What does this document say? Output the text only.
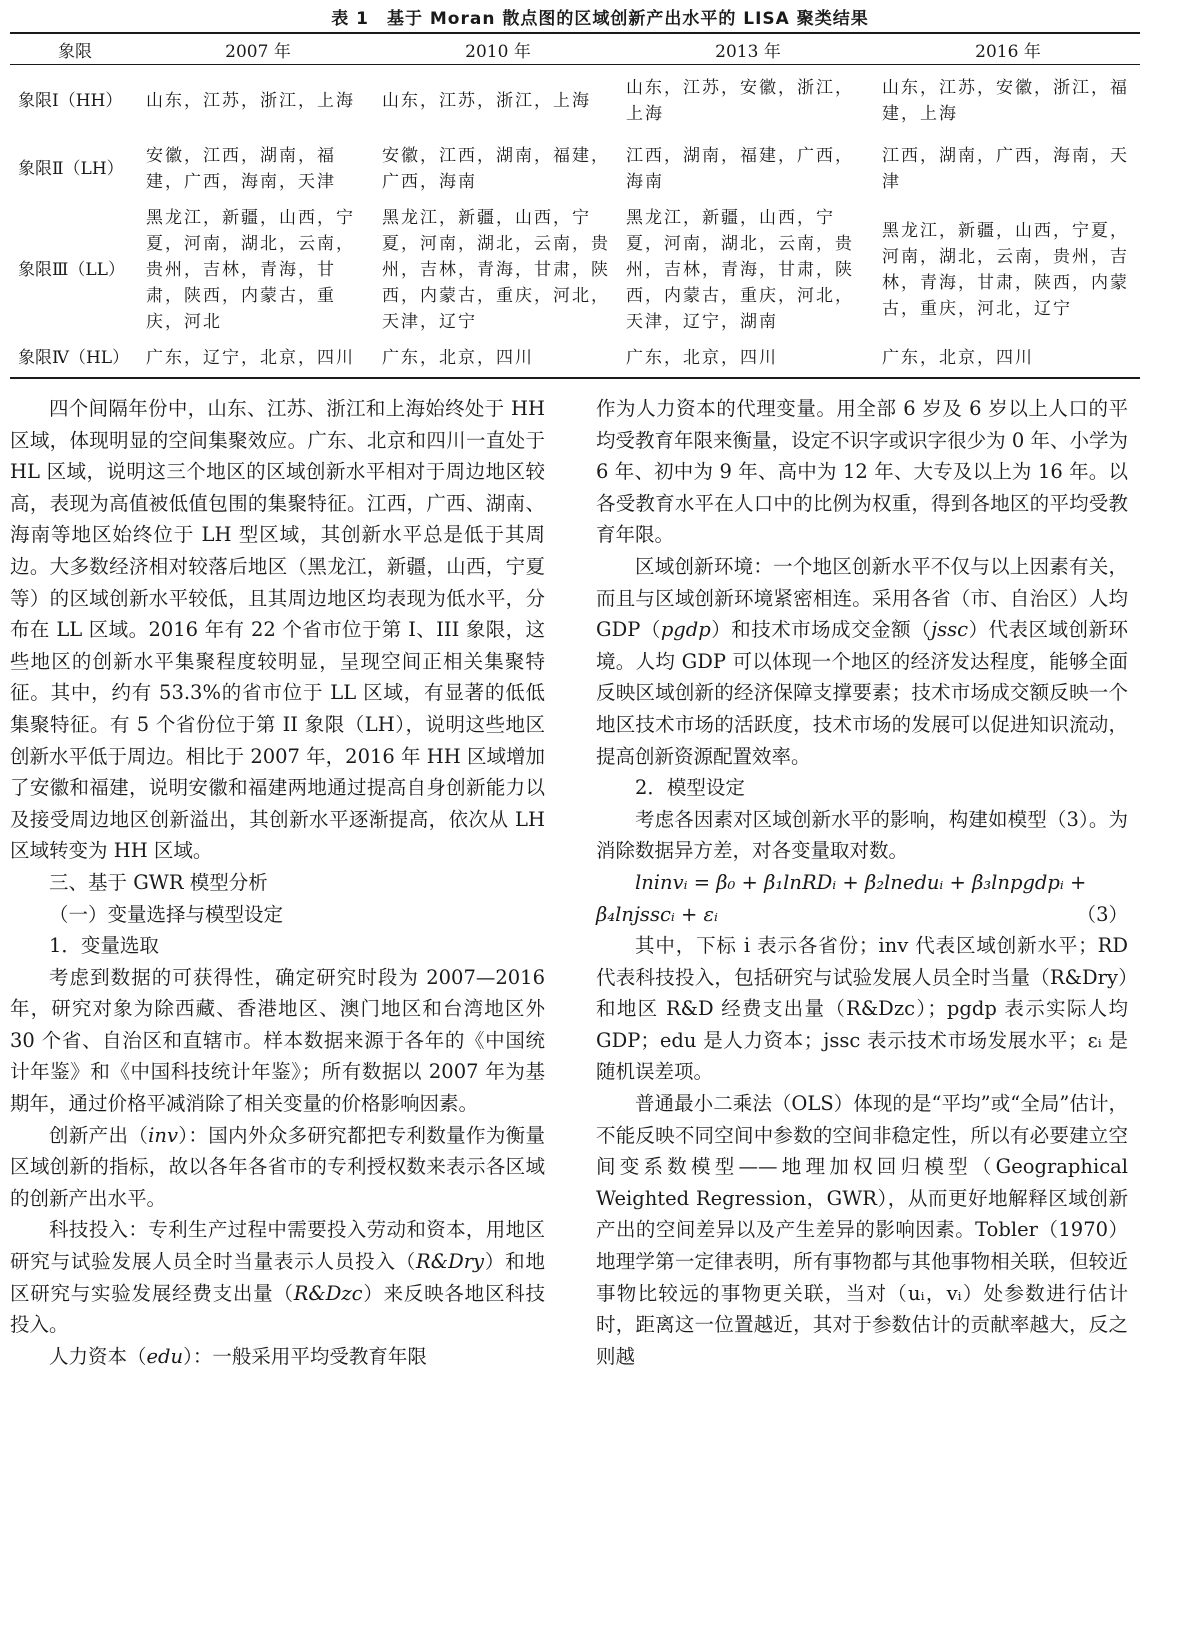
表 1　基于 Moran 散点图的区域创新产出水平的 LISA 聚类结果
象限	2007 年	2010 年	2013 年	2016 年
象限Ⅰ（HH）	山东，江苏，浙江，上海	山东，江苏，浙江，上海	山东，江苏，安徽，浙江，上海	山东，江苏，安徽，浙江，福建，上海
象限Ⅱ（LH）	安徽，江西，湖南，福建，广西，海南，天津	安徽，江西，湖南，福建，广西，海南	江西，湖南，福建，广西，海南	江西，湖南，广西，海南，天津
象限Ⅲ（LL）	黑龙江，新疆，山西，宁夏，河南，湖北，云南，贵州，吉林，青海，甘肃，陕西，内蒙古，重庆，河北	黑龙江，新疆，山西，宁夏，河南，湖北，云南，贵州，吉林，青海，甘肃，陕西，内蒙古，重庆，河北，天津，辽宁	黑龙江，新疆，山西，宁夏，河南，湖北，云南，贵州，吉林，青海，甘肃，陕西，内蒙古，重庆，河北，天津，辽宁，湖南	黑龙江，新疆，山西，宁夏，河南，湖北，云南，贵州，吉林，青海，甘肃，陕西，内蒙古，重庆，河北，辽宁
象限Ⅳ（HL）	广东，辽宁，北京，四川	广东，北京，四川	广东，北京，四川	广东，北京，四川

四个间隔年份中，山东、江苏、浙江和上海始终处于 HH 区域，体现明显的空间集聚效应。广东、北京和四川一直处于 HL 区域，说明这三个地区的区域创新水平相对于周边地区较高，表现为高值被低值包围的集聚特征。江西，广西、湖南、海南等地区始终位于 LH 型区域，其创新水平总是低于其周边。大多数经济相对较落后地区（黑龙江，新疆，山西，宁夏等）的区域创新水平较低，且其周边地区均表现为低水平，分布在 LL 区域。2016 年有 22 个省市位于第 I、III 象限，这些地区的创新水平集聚程度较明显，呈现空间正相关集聚特征。其中，约有 53.3%的省市位于 LL 区域，有显著的低低集聚特征。有 5 个省份位于第 II 象限（LH），说明这些地区创新水平低于周边。相比于 2007 年，2016 年 HH 区域增加了安徽和福建，说明安徽和福建两地通过提高自身创新能力以及接受周边地区创新溢出，其创新水平逐渐提高，依次从 LH 区域转变为 HH 区域。

三、基于 GWR 模型分析

（一）变量选择与模型设定

1．变量选取

考虑到数据的可获得性，确定研究时段为 2007—2016 年，研究对象为除西藏、香港地区、澳门地区和台湾地区外 30 个省、自治区和直辖市。样本数据来源于各年的《中国统计年鉴》和《中国科技统计年鉴》；所有数据以 2007 年为基期年，通过价格平减消除了相关变量的价格影响因素。

创新产出（inv）：国内外众多研究都把专利数量作为衡量区域创新的指标，故以各年各省市的专利授权数来表示各区域的创新产出水平。

科技投入：专利生产过程中需要投入劳动和资本，用地区研究与试验发展人员全时当量表示人员投入（R&Dry）和地区研究与实验发展经费支出量（R&Dzc）来反映各地区科技投入。

人力资本（edu）：一般采用平均受教育年限

作为人力资本的代理变量。用全部 6 岁及 6 岁以上人口的平均受教育年限来衡量，设定不识字或识字很少为 0 年、小学为 6 年、初中为 9 年、高中为 12 年、大专及以上为 16 年。以各受教育水平在人口中的比例为权重，得到各地区的平均受教育年限。

区域创新环境：一个地区创新水平不仅与以上因素有关，而且与区域创新环境紧密相连。采用各省（市、自治区）人均 GDP（pgdp）和技术市场成交金额（jssc）代表区域创新环境。人均 GDP 可以体现一个地区的经济发达程度，能够全面反映区域创新的经济保障支撑要素；技术市场成交额反映一个地区技术市场的活跃度，技术市场的发展可以促进知识流动，提高创新资源配置效率。

2．模型设定

考虑各因素对区域创新水平的影响，构建如模型（3）。为消除数据异方差，对各变量取对数。

lninvᵢ = β₀ + β₁lnRDᵢ + β₂lneduᵢ + β₃lnpgdpᵢ +

β₄lnjsscᵢ + εᵢ	（3）

其中，下标 i 表示各省份；inv 代表区域创新水平；RD 代表科技投入，包括研究与试验发展人员全时当量（R&Dry）和地区 R&D 经费支出量（R&Dzc）；pgdp 表示实际人均 GDP；edu 是人力资本；jssc 表示技术市场发展水平；εᵢ 是随机误差项。

普通最小二乘法（OLS）体现的是“平均”或“全局”估计，不能反映不同空间中参数的空间非稳定性，所以有必要建立空间变系数模型——地理加权回归模型（Geographical Weighted Regression，GWR），从而更好地解释区域创新产出的空间差异以及产生差异的影响因素。Tobler（1970）地理学第一定律表明，所有事物都与其他事物相关联，但较近事物比较远的事物更关联，当对（uᵢ，vᵢ）处参数进行估计时，距离这一位置越近，其对于参数估计的贡献率越大，反之则越
